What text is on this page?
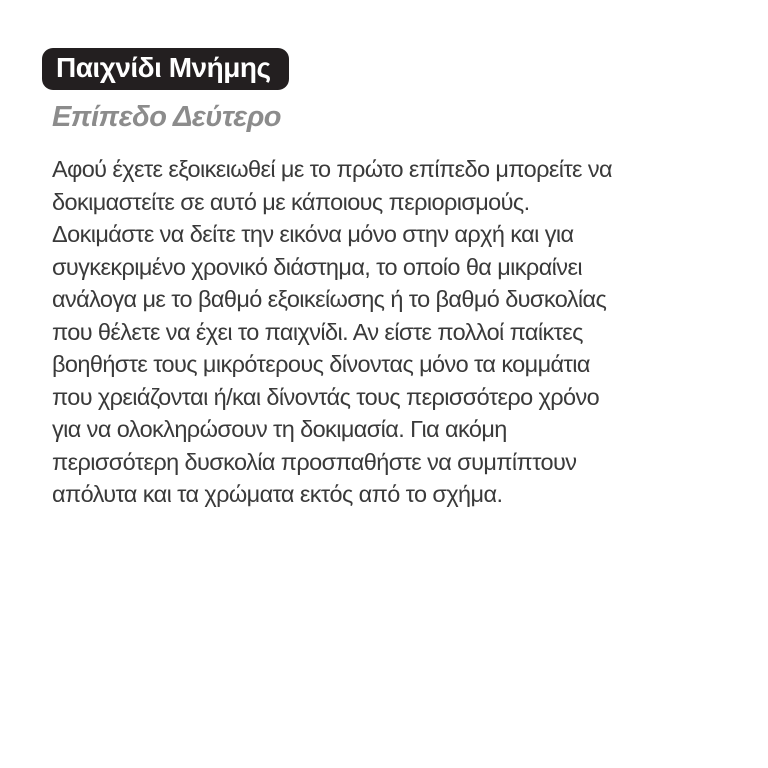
Παιχνίδι Μνήμης
Επίπεδο Δεύτερο
Αφού έχετε εξοικειωθεί με το πρώτο επίπεδο μπορείτε να
δοκιμαστείτε σε αυτό με κάποιους περιορισμούς.
Δοκιμάστε να δείτε την εικόνα μόνο στην αρχή και για
συγκεκριμένο χρονικό διάστημα, το οποίο θα μικραίνει
ανάλογα με το βαθμό εξοικείωσης ή το βαθμό δυσκολίας
που θέλετε να έχει το παιχνίδι. Αν είστε πολλοί παίκτες
βοηθήστε τους μικρότερους δίνοντας μόνο τα κομμάτια
που χρειάζονται ή/και δίνοντάς τους περισσότερο χρόνο
για να ολοκληρώσουν τη δοκιμασία. Για ακόμη
περισσότερη δυσκολία προσπαθήστε να συμπίπτουν
απόλυτα και τα χρώματα εκτός από το σχήμα.
